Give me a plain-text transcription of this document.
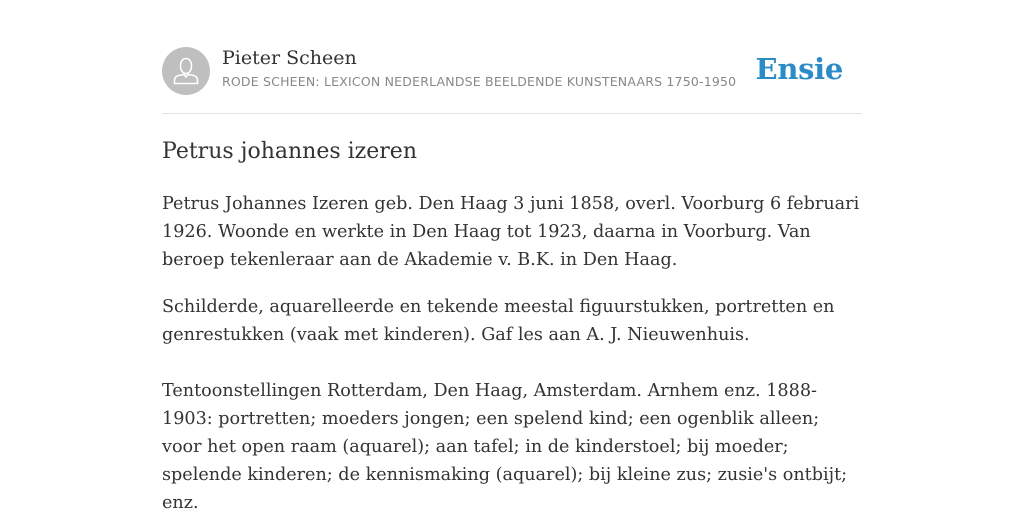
Pieter Scheen
RODE SCHEEN: LEXICON NEDERLANDSE BEELDENDE KUNSTENAARS 1750-1950 Ensie
Petrus johannes izeren

Petrus Johannes Izeren geb. Den Haag 3 juni 1858, overl. Voorburg 6 februari 1926. Woonde en werkte in Den Haag tot 1923, daarna in Voorburg. Van beroep tekenleraar aan de Akademie v. B.K. in Den Haag.

Schilderde, aquarelleerde en tekende meestal figuurstukken, portretten en genrestukken (vaak met kinderen). Gaf les aan A. J. Nieuwenhuis.

Tentoonstellingen Rotterdam, Den Haag, Amsterdam. Arnhem enz. 1888-1903: portretten; moeders jongen; een spelend kind; een ogenblik alleen; voor het open raam (aquarel); aan tafel; in de kinderstoel; bij moeder; spelende kinderen; de kennismaking (aquarel); bij kleine zus; zusie's ontbijt; enz.
